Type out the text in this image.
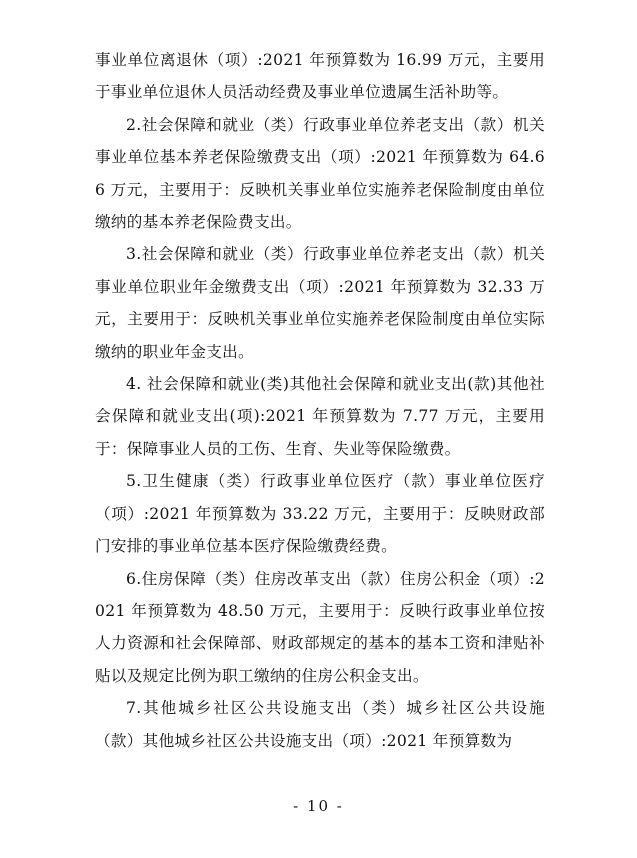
事业单位离退休（项）:2021 年预算数为 16.99 万元，主要用于事业单位退休人员活动经费及事业单位遗属生活补助等。

2.社会保障和就业（类）行政事业单位养老支出（款）机关事业单位基本养老保险缴费支出（项）:2021 年预算数为 64.66 万元，主要用于：反映机关事业单位实施养老保险制度由单位缴纳的基本养老保险费支出。

3.社会保障和就业（类）行政事业单位养老支出（款）机关事业单位职业年金缴费支出（项）:2021 年预算数为 32.33 万元，主要用于：反映机关事业单位实施养老保险制度由单位实际缴纳的职业年金支出。

4. 社会保障和就业(类)其他社会保障和就业支出(款)其他社会保障和就业支出(项):2021 年预算数为 7.77 万元，主要用于：保障事业人员的工伤、生育、失业等保险缴费。

5.卫生健康（类）行政事业单位医疗（款）事业单位医疗（项）:2021 年预算数为 33.22 万元，主要用于：反映财政部门安排的事业单位基本医疗保险缴费经费。

6.住房保障（类）住房改革支出（款）住房公积金（项）:2021 年预算数为 48.50 万元，主要用于：反映行政事业单位按人力资源和社会保障部、财政部规定的基本的基本工资和津贴补贴以及规定比例为职工缴纳的住房公积金支出。

7.其他城乡社区公共设施支出（类）城乡社区公共设施（款）其他城乡社区公共设施支出（项）:2021 年预算数为

- 10 -
